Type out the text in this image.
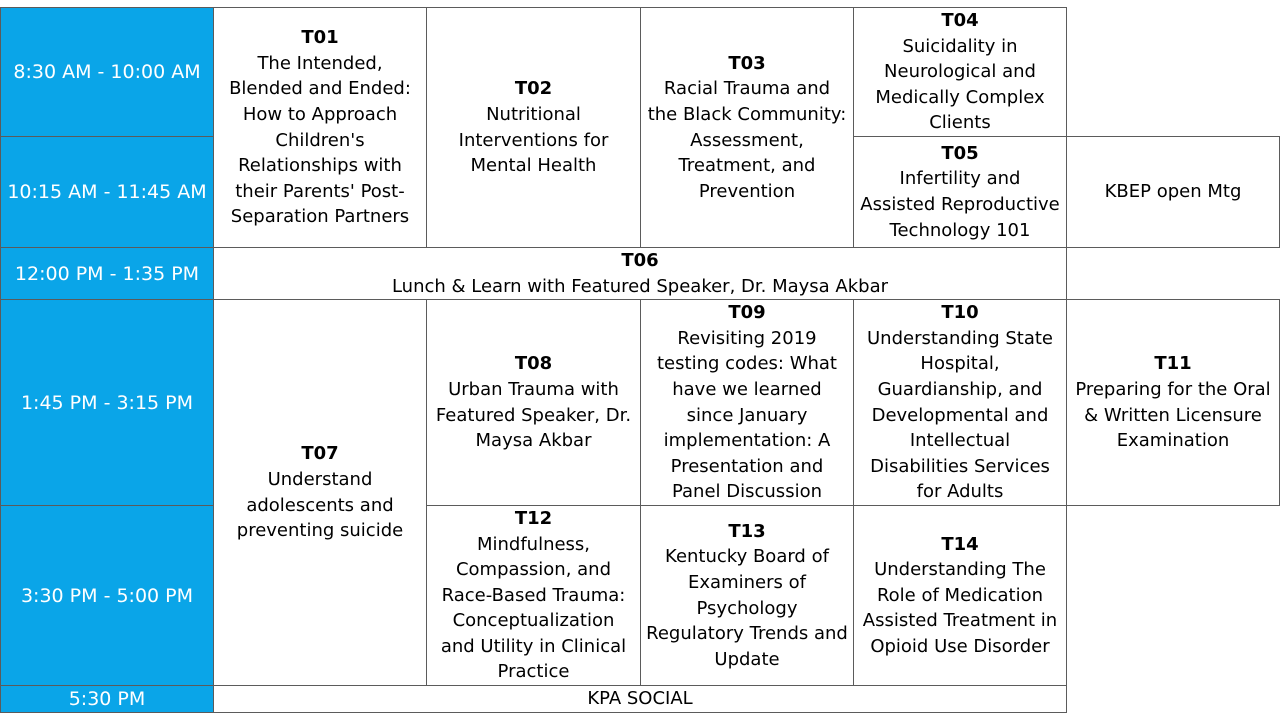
8:30 AM - 10:00 AM
10:15 AM - 11:45 AM
12:00 PM - 1:35 PM
1:45 PM - 3:15 PM
3:30 PM - 5:00 PM
5:30 PM
T01
The Intended,
Blended and Ended:
How to Approach
Children's
Relationships with
their Parents' Post-
Separation Partners
T02
Nutritional
Interventions for
Mental Health
T03
Racial Trauma and
the Black Community:
Assessment,
Treatment, and
Prevention
T04
Suicidality in
Neurological and
Medically Complex
Clients
T05
Infertility and
Assisted Reproductive
Technology 101
KBEP open Mtg
T06
Lunch & Learn with Featured Speaker, Dr. Maysa Akbar
T07
Understand
adolescents and
preventing suicide
T08
Urban Trauma with
Featured Speaker, Dr.
Maysa Akbar
T09
Revisiting 2019
testing codes: What
have we learned
since January
implementation: A
Presentation and
Panel Discussion
T10
Understanding State
Hospital,
Guardianship, and
Developmental and
Intellectual
Disabilities Services
for Adults
T11
Preparing for the Oral
& Written Licensure
Examination
T12
Mindfulness,
Compassion, and
Race-Based Trauma:
Conceptualization
and Utility in Clinical
Practice
T13
Kentucky Board of
Examiners of
Psychology
Regulatory Trends and
Update
T14
Understanding The
Role of Medication
Assisted Treatment in
Opioid Use Disorder
KPA SOCIAL
